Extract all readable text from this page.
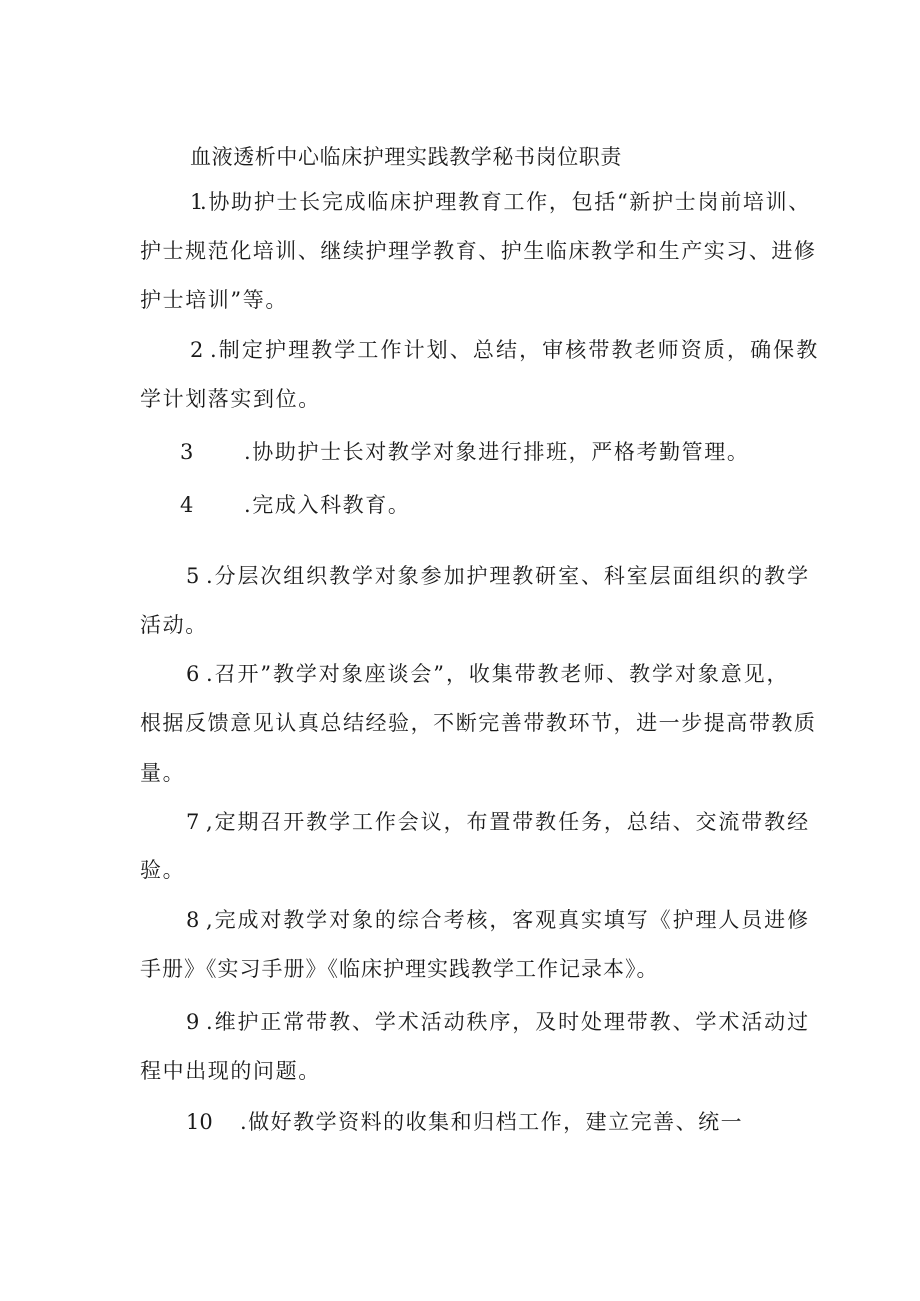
血液透析中心临床护理实践教学秘书岗位职责
1
.协助护士长完成临床护理教育工作，包括“新护士岗前培训、
护士规范化培训、继续护理学教育、护生临床教学和生产实习、进修
护士培训”等。
2 .制定护理教学工作计划、总结，审核带教老师资质，确保教
学计划落实到位。
3 .协助护士长对教学对象进行排班，严格考勤管理。
4 .完成入科教育。
5 .分层次组织教学对象参加护理教研室、科室层面组织的教学
活动。
6 .召开”教学对象座谈会”，收集带教老师、教学对象意见，
根据反馈意见认真总结经验，不断完善带教环节，进一步提高带教质
量。
7 ,定期召开教学工作会议，布置带教任务，总结、交流带教经
验。
8 ,完成对教学对象的综合考核，客观真实填写《护理人员进修
手册》《实习手册》《临床护理实践教学工作记录本》。
9 .维护正常带教、学术活动秩序，及时处理带教、学术活动过
程中出现的问题。
10 .做好教学资料的收集和归档工作，建立完善、统一
